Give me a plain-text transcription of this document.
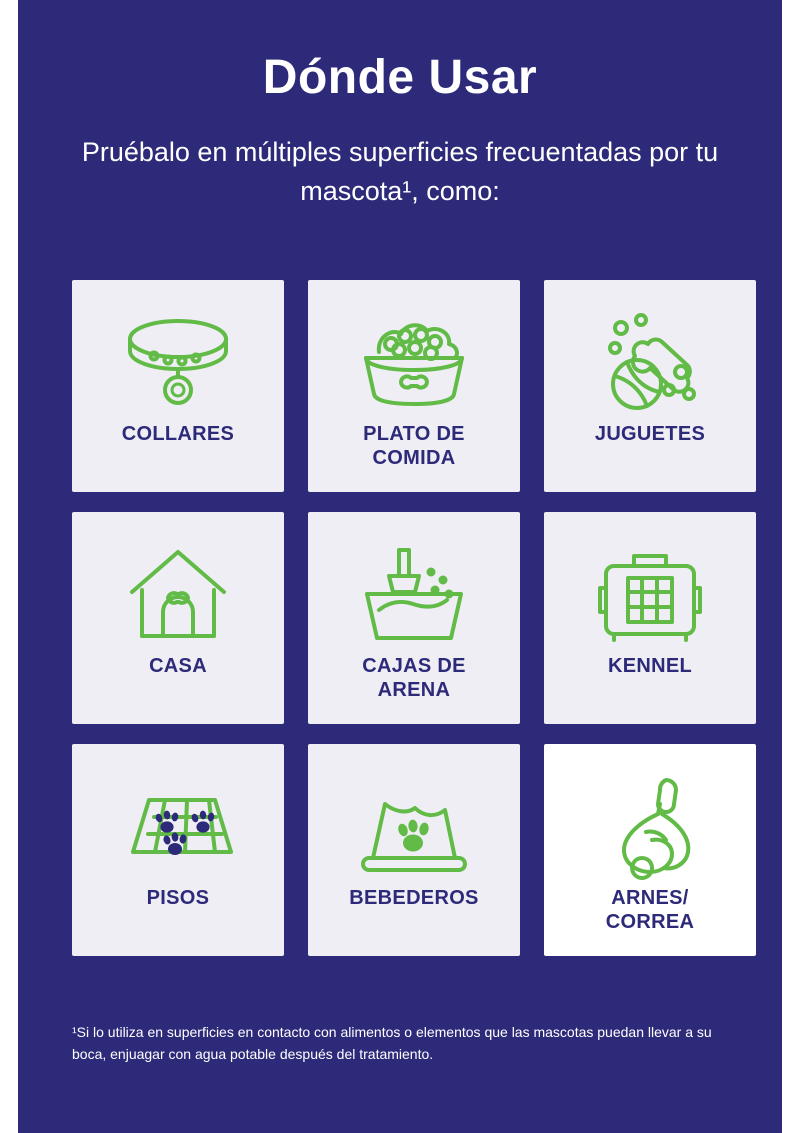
Dónde Usar

Pruébalo en múltiples superficies frecuentadas por tu mascota¹, como:

COLLARES	PLATO DE
COMIDA
JUGUETES
CASA	CAJAS DE
ARENA
KENNEL
PISOS	BEBEDEROS	ARNES/
CORREA
¹Si lo utiliza en superficies en contacto con alimentos o elementos que las mascotas puedan llevar a su boca, enjuagar con agua potable después del tratamiento.
